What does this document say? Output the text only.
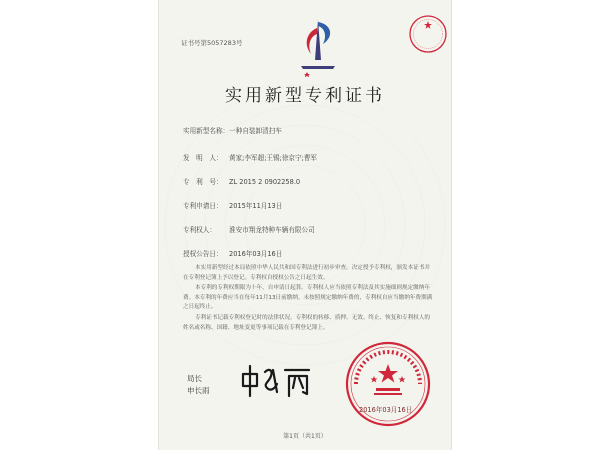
证书号第5057283号
实用新型专利证书
实用新型名称：一种自装卸清扫车
发　明　人： 黄家;李军超;王锡;徐京宁;曹军
专　利　号： ZL 2015 2 0902258.0
专利申请日： 2015年11月13日
专利权人： 淮安市翔龙特种车辆有限公司
授权公告日： 2016年03月16日
本实用新型经过本局依照中华人民共和国专利法进行初步审查，决定授予专利权，颁发本证书并在专利登记簿上予以登记。专利权自授权公告之日起生效。
本专利的专利权期限为十年，自申请日起算。专利权人应当依照专利法及其实施细则规定缴纳年费。本专利的年费应当在每年11月13日前缴纳。未按照规定缴纳年费的，专利权自应当缴纳年费期满之日起终止。
专利证书记载专利权登记时的法律状况。专利权的转移、质押、无效、终止、恢复和专利权人的姓名或名称、国籍、地址变更等事项记载在专利登记簿上。
局长
申长雨
2016年03月16日
第1页（共1页）
